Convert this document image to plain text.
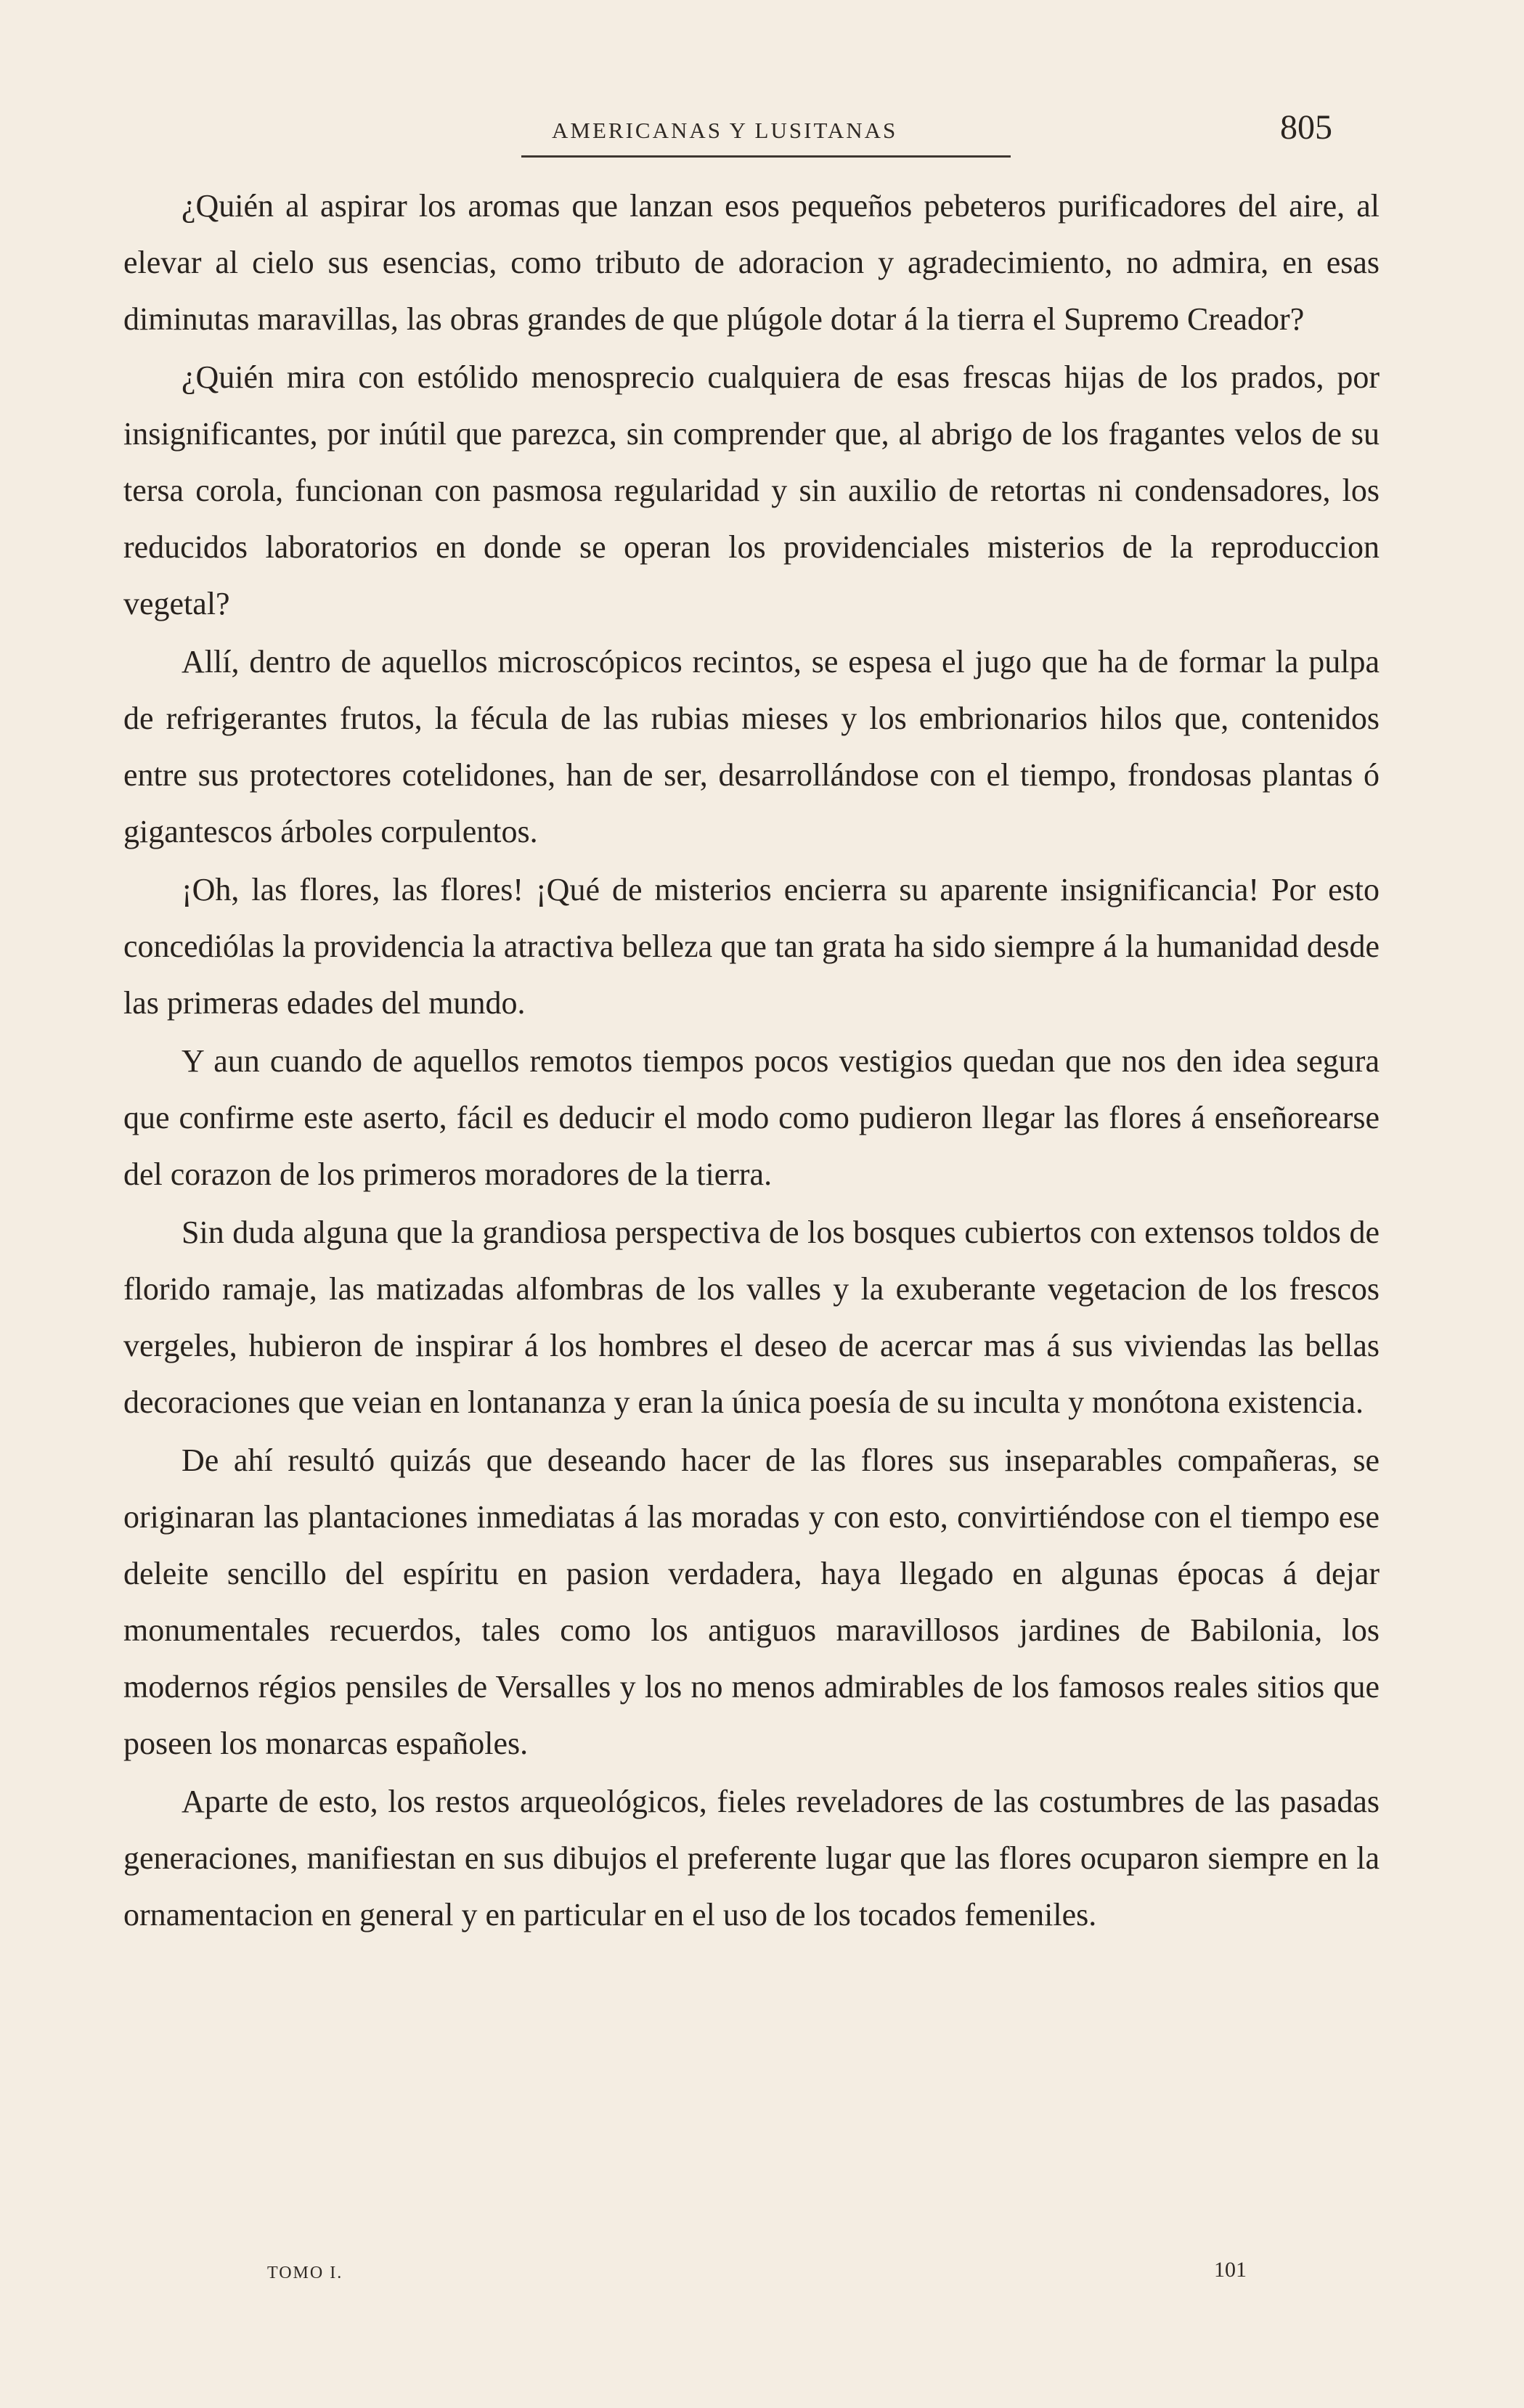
AMERICANAS Y LUSITANAS	805

¿Quién al aspirar los aromas que lanzan esos pequeños pebeteros purificadores del aire, al elevar al cielo sus esencias, como tributo de adoracion y agradecimiento, no admira, en esas diminutas maravillas, las obras grandes de que plúgole dotar á la tierra el Supremo Creador?

¿Quién mira con estólido menosprecio cualquiera de esas frescas hijas de los prados, por insignificantes, por inútil que parezca, sin comprender que, al abrigo de los fragantes velos de su tersa corola, funcionan con pasmosa regularidad y sin auxilio de retortas ni condensadores, los reducidos laboratorios en donde se operan los providenciales misterios de la reproduccion vegetal?

Allí, dentro de aquellos microscópicos recintos, se espesa el jugo que ha de formar la pulpa de refrigerantes frutos, la fécula de las rubias mieses y los embrionarios hilos que, contenidos entre sus protectores cotelidones, han de ser, desarrollándose con el tiempo, frondosas plantas ó gigantescos árboles corpulentos.

¡Oh, las flores, las flores! ¡Qué de misterios encierra su aparente insignificancia! Por esto concediólas la providencia la atractiva belleza que tan grata ha sido siempre á la humanidad desde las primeras edades del mundo.

Y aun cuando de aquellos remotos tiempos pocos vestigios quedan que nos den idea segura que confirme este aserto, fácil es deducir el modo como pudieron llegar las flores á enseñorearse del corazon de los primeros moradores de la tierra.

Sin duda alguna que la grandiosa perspectiva de los bosques cubiertos con extensos toldos de florido ramaje, las matizadas alfombras de los valles y la exuberante vegetacion de los frescos vergeles, hubieron de inspirar á los hombres el deseo de acercar mas á sus viviendas las bellas decoraciones que veian en lontananza y eran la única poesía de su inculta y monótona existencia.

De ahí resultó quizás que deseando hacer de las flores sus inseparables compañeras, se originaran las plantaciones inmediatas á las moradas y con esto, convirtiéndose con el tiempo ese deleite sencillo del espíritu en pasion verdadera, haya llegado en algunas épocas á dejar monumentales recuerdos, tales como los antiguos maravillosos jardines de Babilonia, los modernos régios pensiles de Versalles y los no menos admirables de los famosos reales sitios que poseen los monarcas españoles.

Aparte de esto, los restos arqueológicos, fieles reveladores de las costumbres de las pasadas generaciones, manifiestan en sus dibujos el preferente lugar que las flores ocuparon siempre en la ornamentacion en general y en particular en el uso de los tocados femeniles.

TOMO I.	101
